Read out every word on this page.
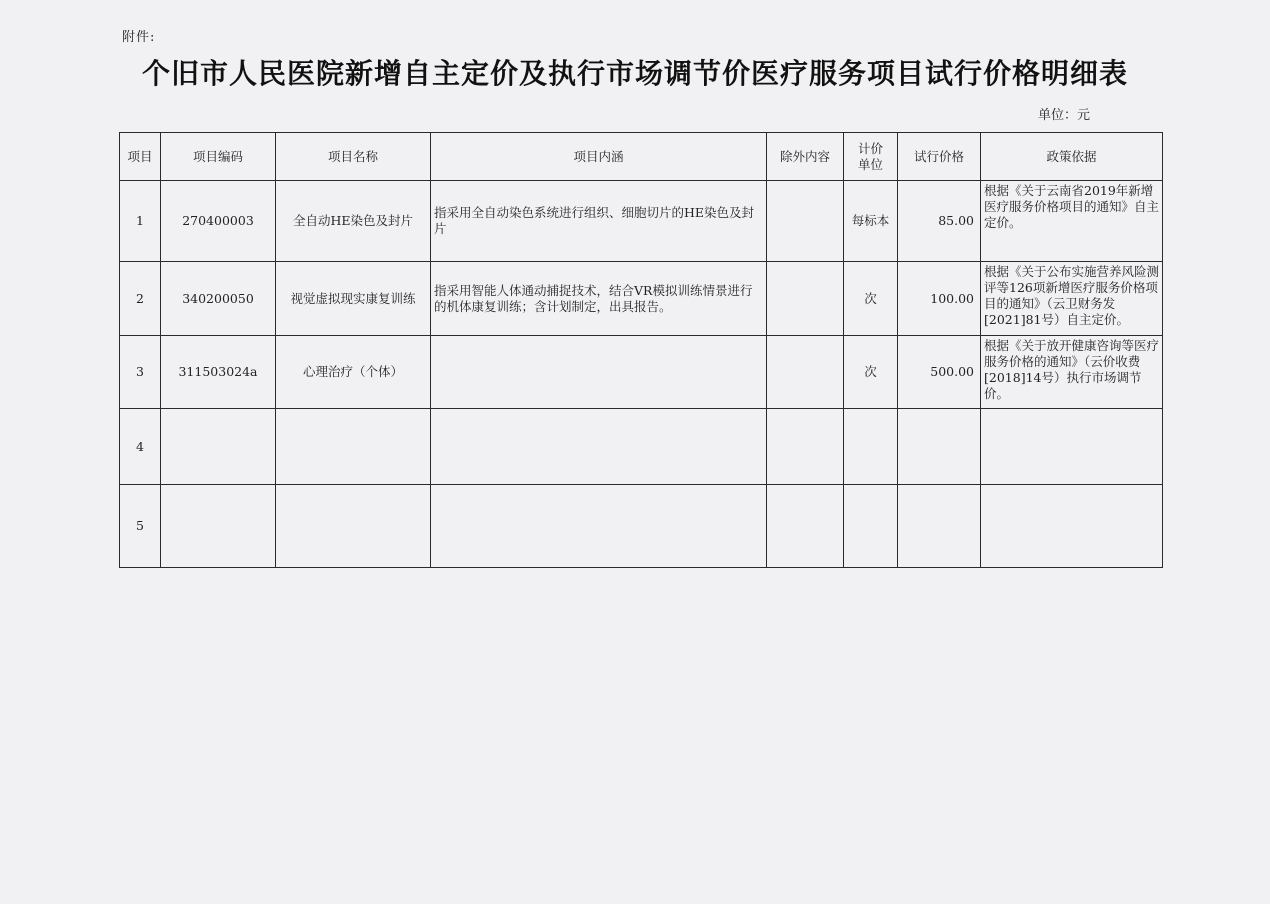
附件:
个旧市人民医院新增自主定价及执行市场调节价医疗服务项目试行价格明细表
单位：元
项目	项目编码	项目名称	项目内涵	除外内容	计价单位	试行价格	政策依据
1	270400003	全自动HE染色及封片	指采用全自动染色系统进行组织、细胞切片的HE染色及封片		每标本	85.00	根据《关于云南省2019年新增医疗服务价格项目的通知》自主定价。
2	340200050	视觉虚拟现实康复训练	指采用智能人体通动捕捉技术，结合VR模拟训练情景进行的机体康复训练；含计划制定，出具报告。		次	100.00	根据《关于公布实施营养风险测评等126项新增医疗服务价格项目的通知》（云卫财务发[2021]81号）自主定价。
3	311503024a	心理治疗（个体）			次	500.00	根据《关于放开健康咨询等医疗服务价格的通知》（云价收费[2018]14号）执行市场调节价。
4							
5							
